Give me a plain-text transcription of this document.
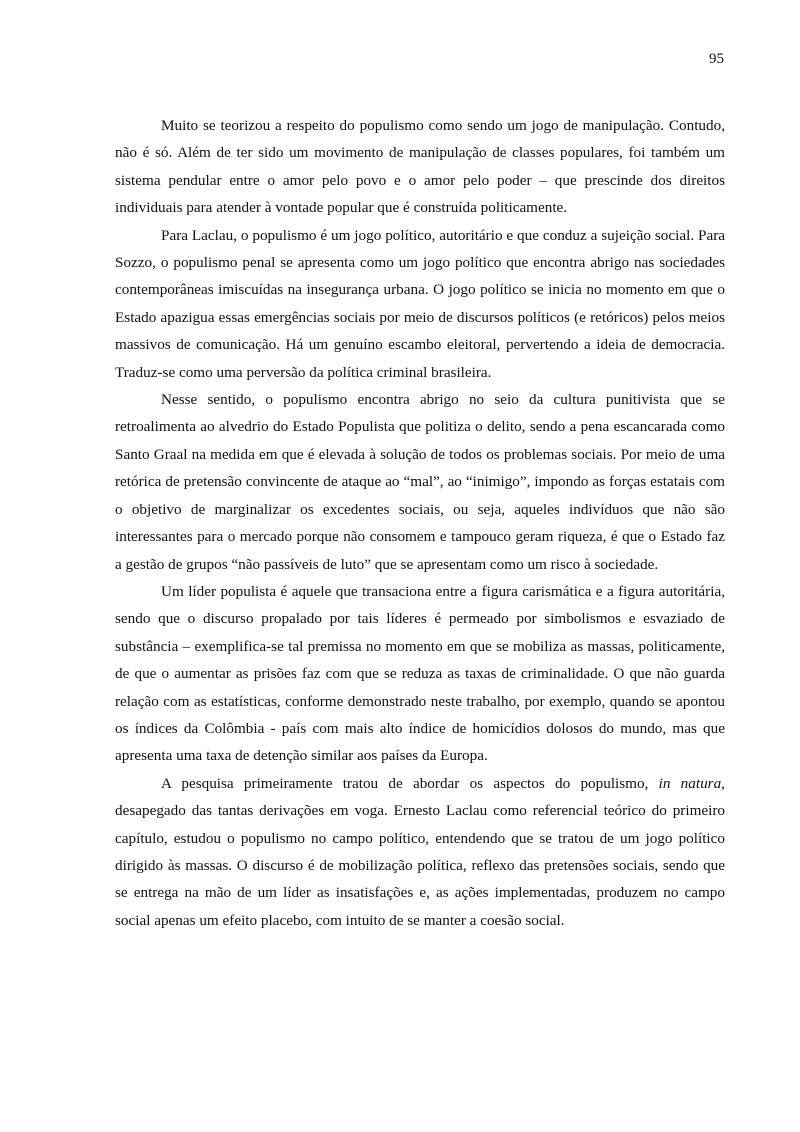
95

Muito se teorizou a respeito do populismo como sendo um jogo de manipulação. Contudo, não é só. Além de ter sido um movimento de manipulação de classes populares, foi também um sistema pendular entre o amor pelo povo e o amor pelo poder – que prescinde dos direitos individuais para atender à vontade popular que é construída politicamente.

Para Laclau, o populismo é um jogo político, autoritário e que conduz a sujeição social. Para Sozzo, o populismo penal se apresenta como um jogo político que encontra abrigo nas sociedades contemporâneas imiscuídas na insegurança urbana. O jogo político se inicia no momento em que o Estado apazigua essas emergências sociais por meio de discursos políticos (e retóricos) pelos meios massivos de comunicação. Há um genuíno escambo eleitoral, pervertendo a ideia de democracia. Traduz-se como uma perversão da política criminal brasileira.

Nesse sentido, o populismo encontra abrigo no seio da cultura punitivista que se retroalimenta ao alvedrio do Estado Populista que politiza o delito, sendo a pena escancarada como Santo Graal na medida em que é elevada à solução de todos os problemas sociais. Por meio de uma retórica de pretensão convincente de ataque ao “mal”, ao “inimigo”, impondo as forças estatais com o objetivo de marginalizar os excedentes sociais, ou seja, aqueles indivíduos que não são interessantes para o mercado porque não consomem e tampouco geram riqueza, é que o Estado faz a gestão de grupos “não passíveis de luto” que se apresentam como um risco à sociedade.

Um líder populista é aquele que transaciona entre a figura carismática e a figura autoritária, sendo que o discurso propalado por tais líderes é permeado por simbolismos e esvaziado de substância – exemplifica-se tal premissa no momento em que se mobiliza as massas, politicamente, de que o aumentar as prisões faz com que se reduza as taxas de criminalidade. O que não guarda relação com as estatísticas, conforme demonstrado neste trabalho, por exemplo, quando se apontou os índices da Colômbia - país com mais alto índice de homicídios dolosos do mundo, mas que apresenta uma taxa de detenção similar aos países da Europa.

A pesquisa primeiramente tratou de abordar os aspectos do populismo, in natura, desapegado das tantas derivações em voga. Ernesto Laclau como referencial teórico do primeiro capítulo, estudou o populismo no campo político, entendendo que se tratou de um jogo político dirigido às massas. O discurso é de mobilização política, reflexo das pretensões sociais, sendo que se entrega na mão de um líder as insatisfações e, as ações implementadas, produzem no campo social apenas um efeito placebo, com intuito de se manter a coesão social.
